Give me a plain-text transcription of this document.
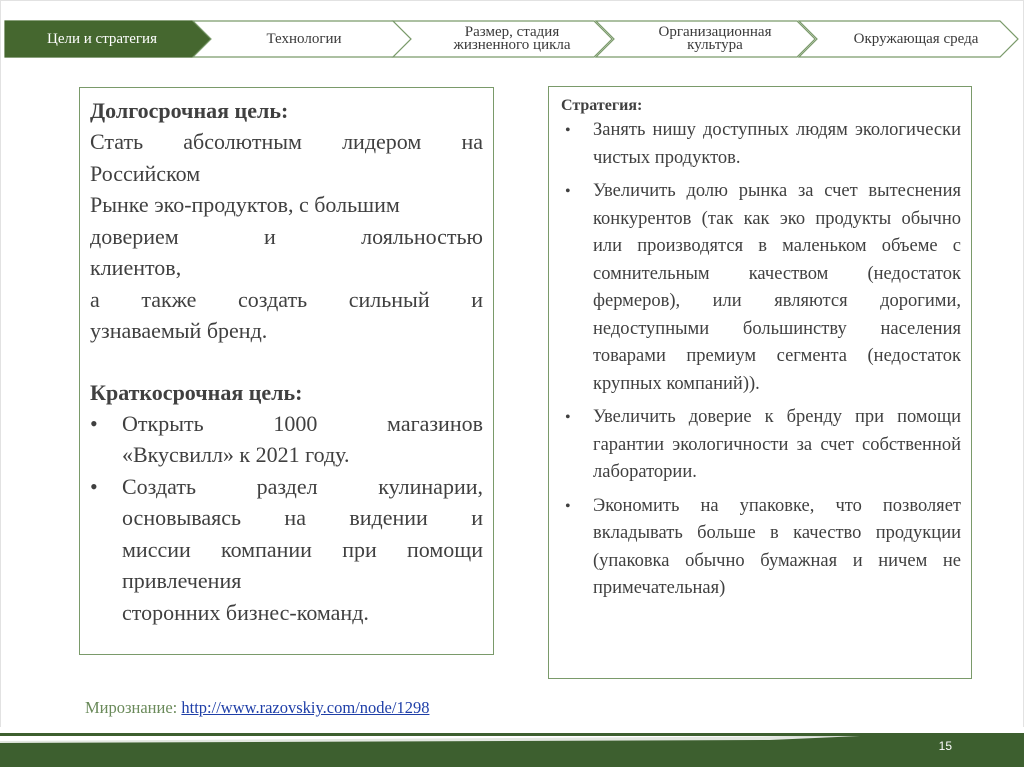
Цели и стратегия	Технологии	Размер, стадия жизненного цикла
Организационная культура	Окружающая среда
Долгосрочная цель:
Стать абсолютным лидером на
Российском
Рынке эко-продуктов, с большим
доверием и лояльностью
клиентов,
а также создать сильный и
узнаваемый бренд.
Краткосрочная цель:
• Открыть 1000 магазинов
«Вкусвилл» к 2021 году.
• Создать раздел кулинарии,
основываясь на видении и
миссии компании при помощи
привлечения
сторонних бизнес-команд.
Стратегия:
• Занять нишу доступных людям экологически чистых продуктов.
• Увеличить долю рынка за счет вытеснения конкурентов (так как эко продукты обычно или производятся в маленьком объеме с сомнительным качеством (недостаток фермеров), или являются дорогими, недоступными большинству населения товарами премиум сегмента (недостаток крупных компаний)).
• Увеличить доверие к бренду при помощи гарантии экологичности за счет собственной лаборатории.
• Экономить на упаковке, что позволяет вкладывать больше в качество продукции (упаковка обычно бумажная и ничем не примечательная)
Мирознание: http://www.razovskiy.com/node/1298
15
